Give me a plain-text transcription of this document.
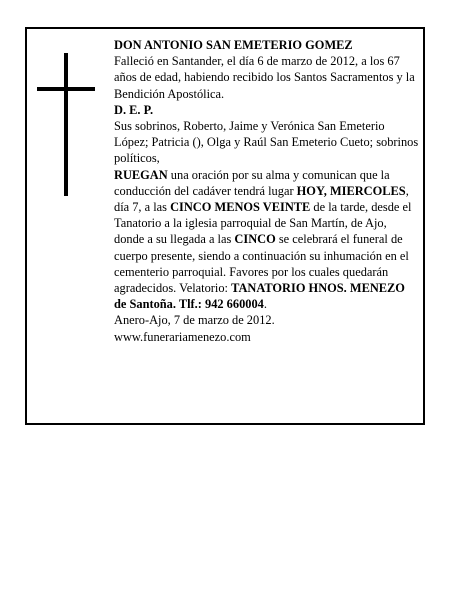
DON ANTONIO SAN EMETERIO GOMEZ

Falleció en Santander, el día 6 de marzo de 2012, a los 67 años de edad, habiendo recibido los Santos Sacramentos y la Bendición Apostólica.

D. E. P.

Sus sobrinos, Roberto, Jaime y Verónica San Emeterio López; Patricia (), Olga y Raúl San Emeterio Cueto; sobrinos políticos,

RUEGAN una oración por su alma y comunican que la conducción del cadáver tendrá lugar HOY, MIERCOLES, día 7, a las CINCO MENOS VEINTE de la tarde, desde el Tanatorio a la iglesia parroquial de San Martín, de Ajo, donde a su llegada a las CINCO se celebrará el funeral de cuerpo presente, siendo a continuación su inhumación en el cementerio parroquial. Favores por los cuales quedarán agradecidos. Velatorio: TANATORIO HNOS. MENEZO de Santoña. Tlf.: 942 660004.

Anero-Ajo, 7 de marzo de 2012.

www.funerariamenezo.com
